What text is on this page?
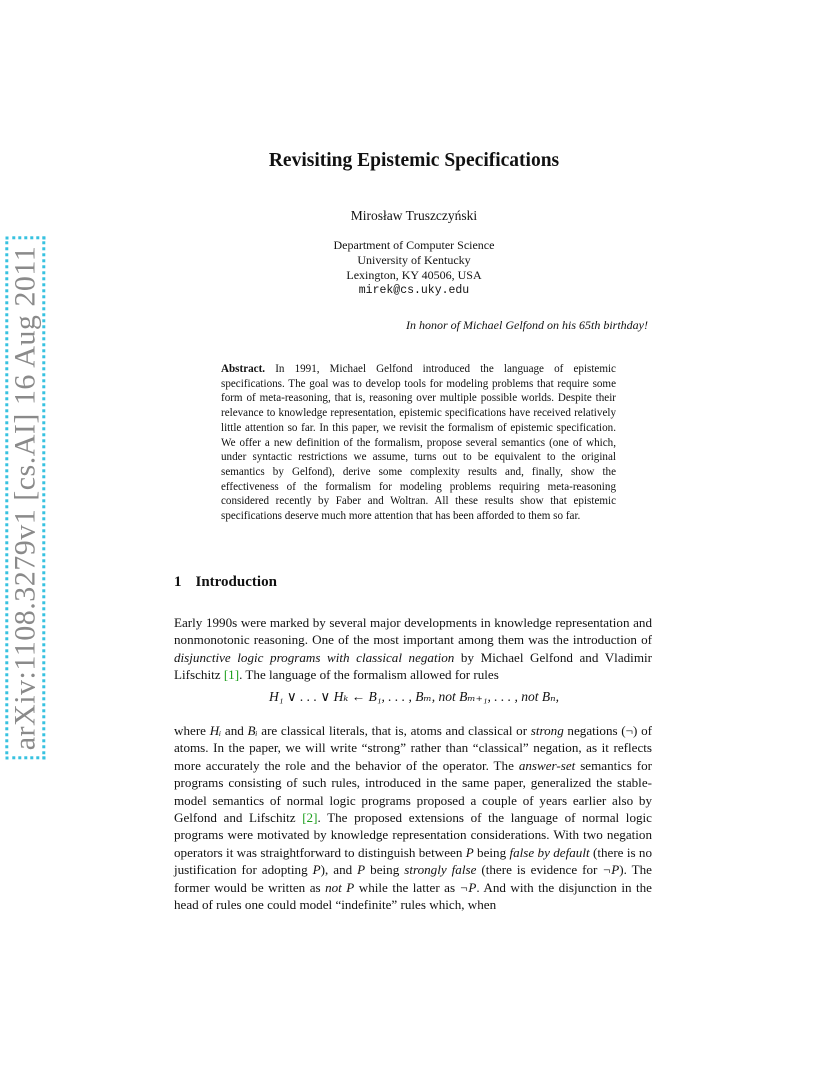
arXiv:1108.3279v1 [cs.AI] 16 Aug 2011
Revisiting Epistemic Specifications
Mirosław Truszczyński
Department of Computer Science
University of Kentucky
Lexington, KY 40506, USA
mirek@cs.uky.edu
In honor of Michael Gelfond on his 65th birthday!
Abstract. In 1991, Michael Gelfond introduced the language of epistemic specifications. The goal was to develop tools for modeling problems that require some form of meta-reasoning, that is, reasoning over multiple possible worlds. Despite their relevance to knowledge representation, epistemic specifications have received relatively little attention so far. In this paper, we revisit the formalism of epistemic specification. We offer a new definition of the formalism, propose several semantics (one of which, under syntactic restrictions we assume, turns out to be equivalent to the original semantics by Gelfond), derive some complexity results and, finally, show the effectiveness of the formalism for modeling problems requiring meta-reasoning considered recently by Faber and Woltran. All these results show that epistemic specifications deserve much more attention that has been afforded to them so far.
1 Introduction
Early 1990s were marked by several major developments in knowledge representation and nonmonotonic reasoning. One of the most important among them was the introduction of disjunctive logic programs with classical negation by Michael Gelfond and Vladimir Lifschitz [1]. The language of the formalism allowed for rules
H₁ ∨ . . . ∨ Hₖ ← B₁, . . . , Bₘ, not Bₘ₊₁, . . . , not Bₙ,
where Hᵢ and Bᵢ are classical literals, that is, atoms and classical or strong negations (¬) of atoms. In the paper, we will write “strong” rather than “classical” negation, as it reflects more accurately the role and the behavior of the operator. The answer-set semantics for programs consisting of such rules, introduced in the same paper, generalized the stable-model semantics of normal logic programs proposed a couple of years earlier also by Gelfond and Lifschitz [2]. The proposed extensions of the language of normal logic programs were motivated by knowledge representation considerations. With two negation operators it was straightforward to distinguish between P being false by default (there is no justification for adopting P), and P being strongly false (there is evidence for ¬P). The former would be written as not P while the latter as ¬P. And with the disjunction in the head of rules one could model “indefinite” rules which, when
